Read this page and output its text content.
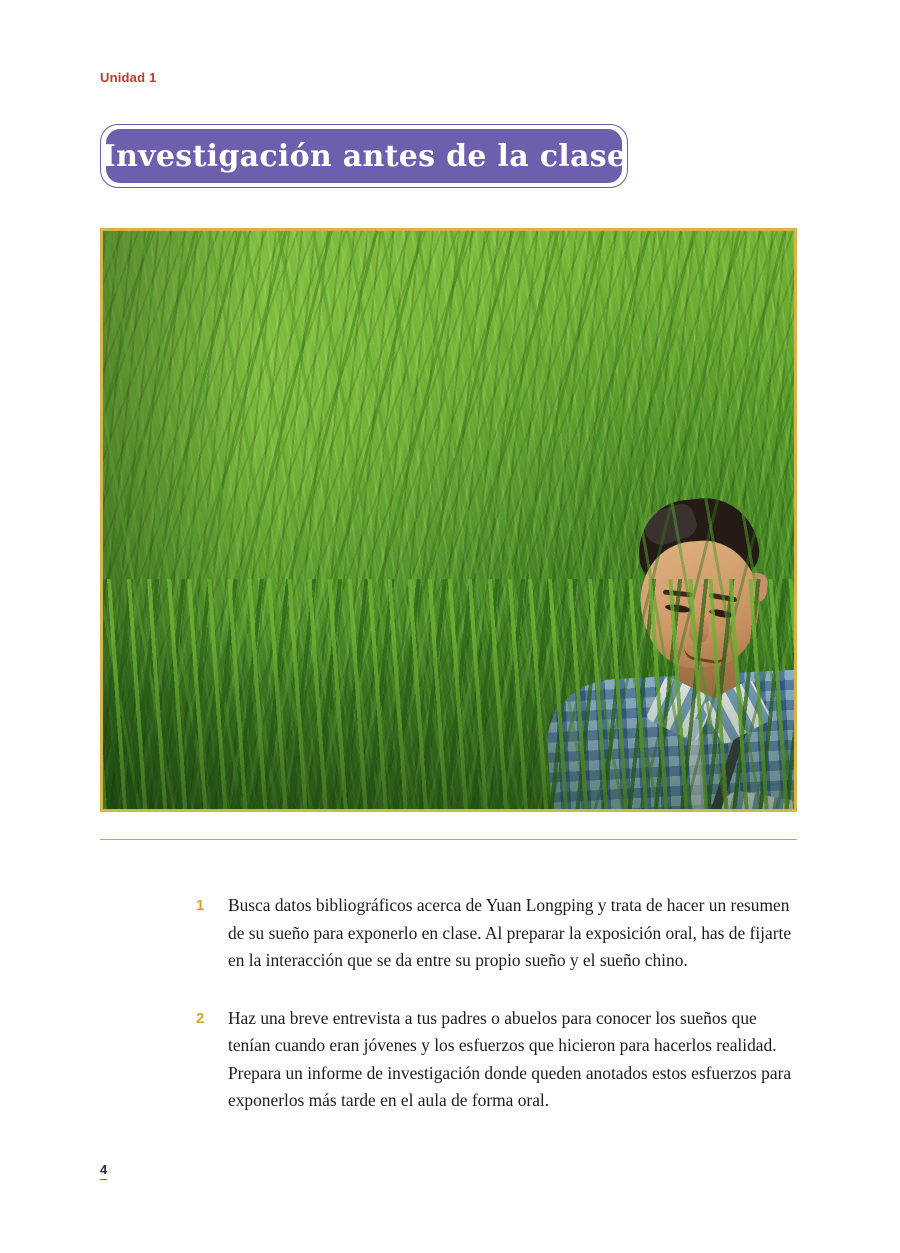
Unidad 1
Investigación antes de la clase
1	Busca datos bibliográficos acerca de Yuan Longping y trata de hacer un resumen de su sueño para exponerlo en clase. Al preparar la exposición oral, has de fijarte en la interacción que se da entre su propio sueño y el sueño chino.
2	Haz una breve entrevista a tus padres o abuelos para conocer los sueños que tenían cuando eran jóvenes y los esfuerzos que hicieron para hacerlos realidad. Prepara un informe de investigación donde queden anotados estos esfuerzos para exponerlos más tarde en el aula de forma oral.
4
